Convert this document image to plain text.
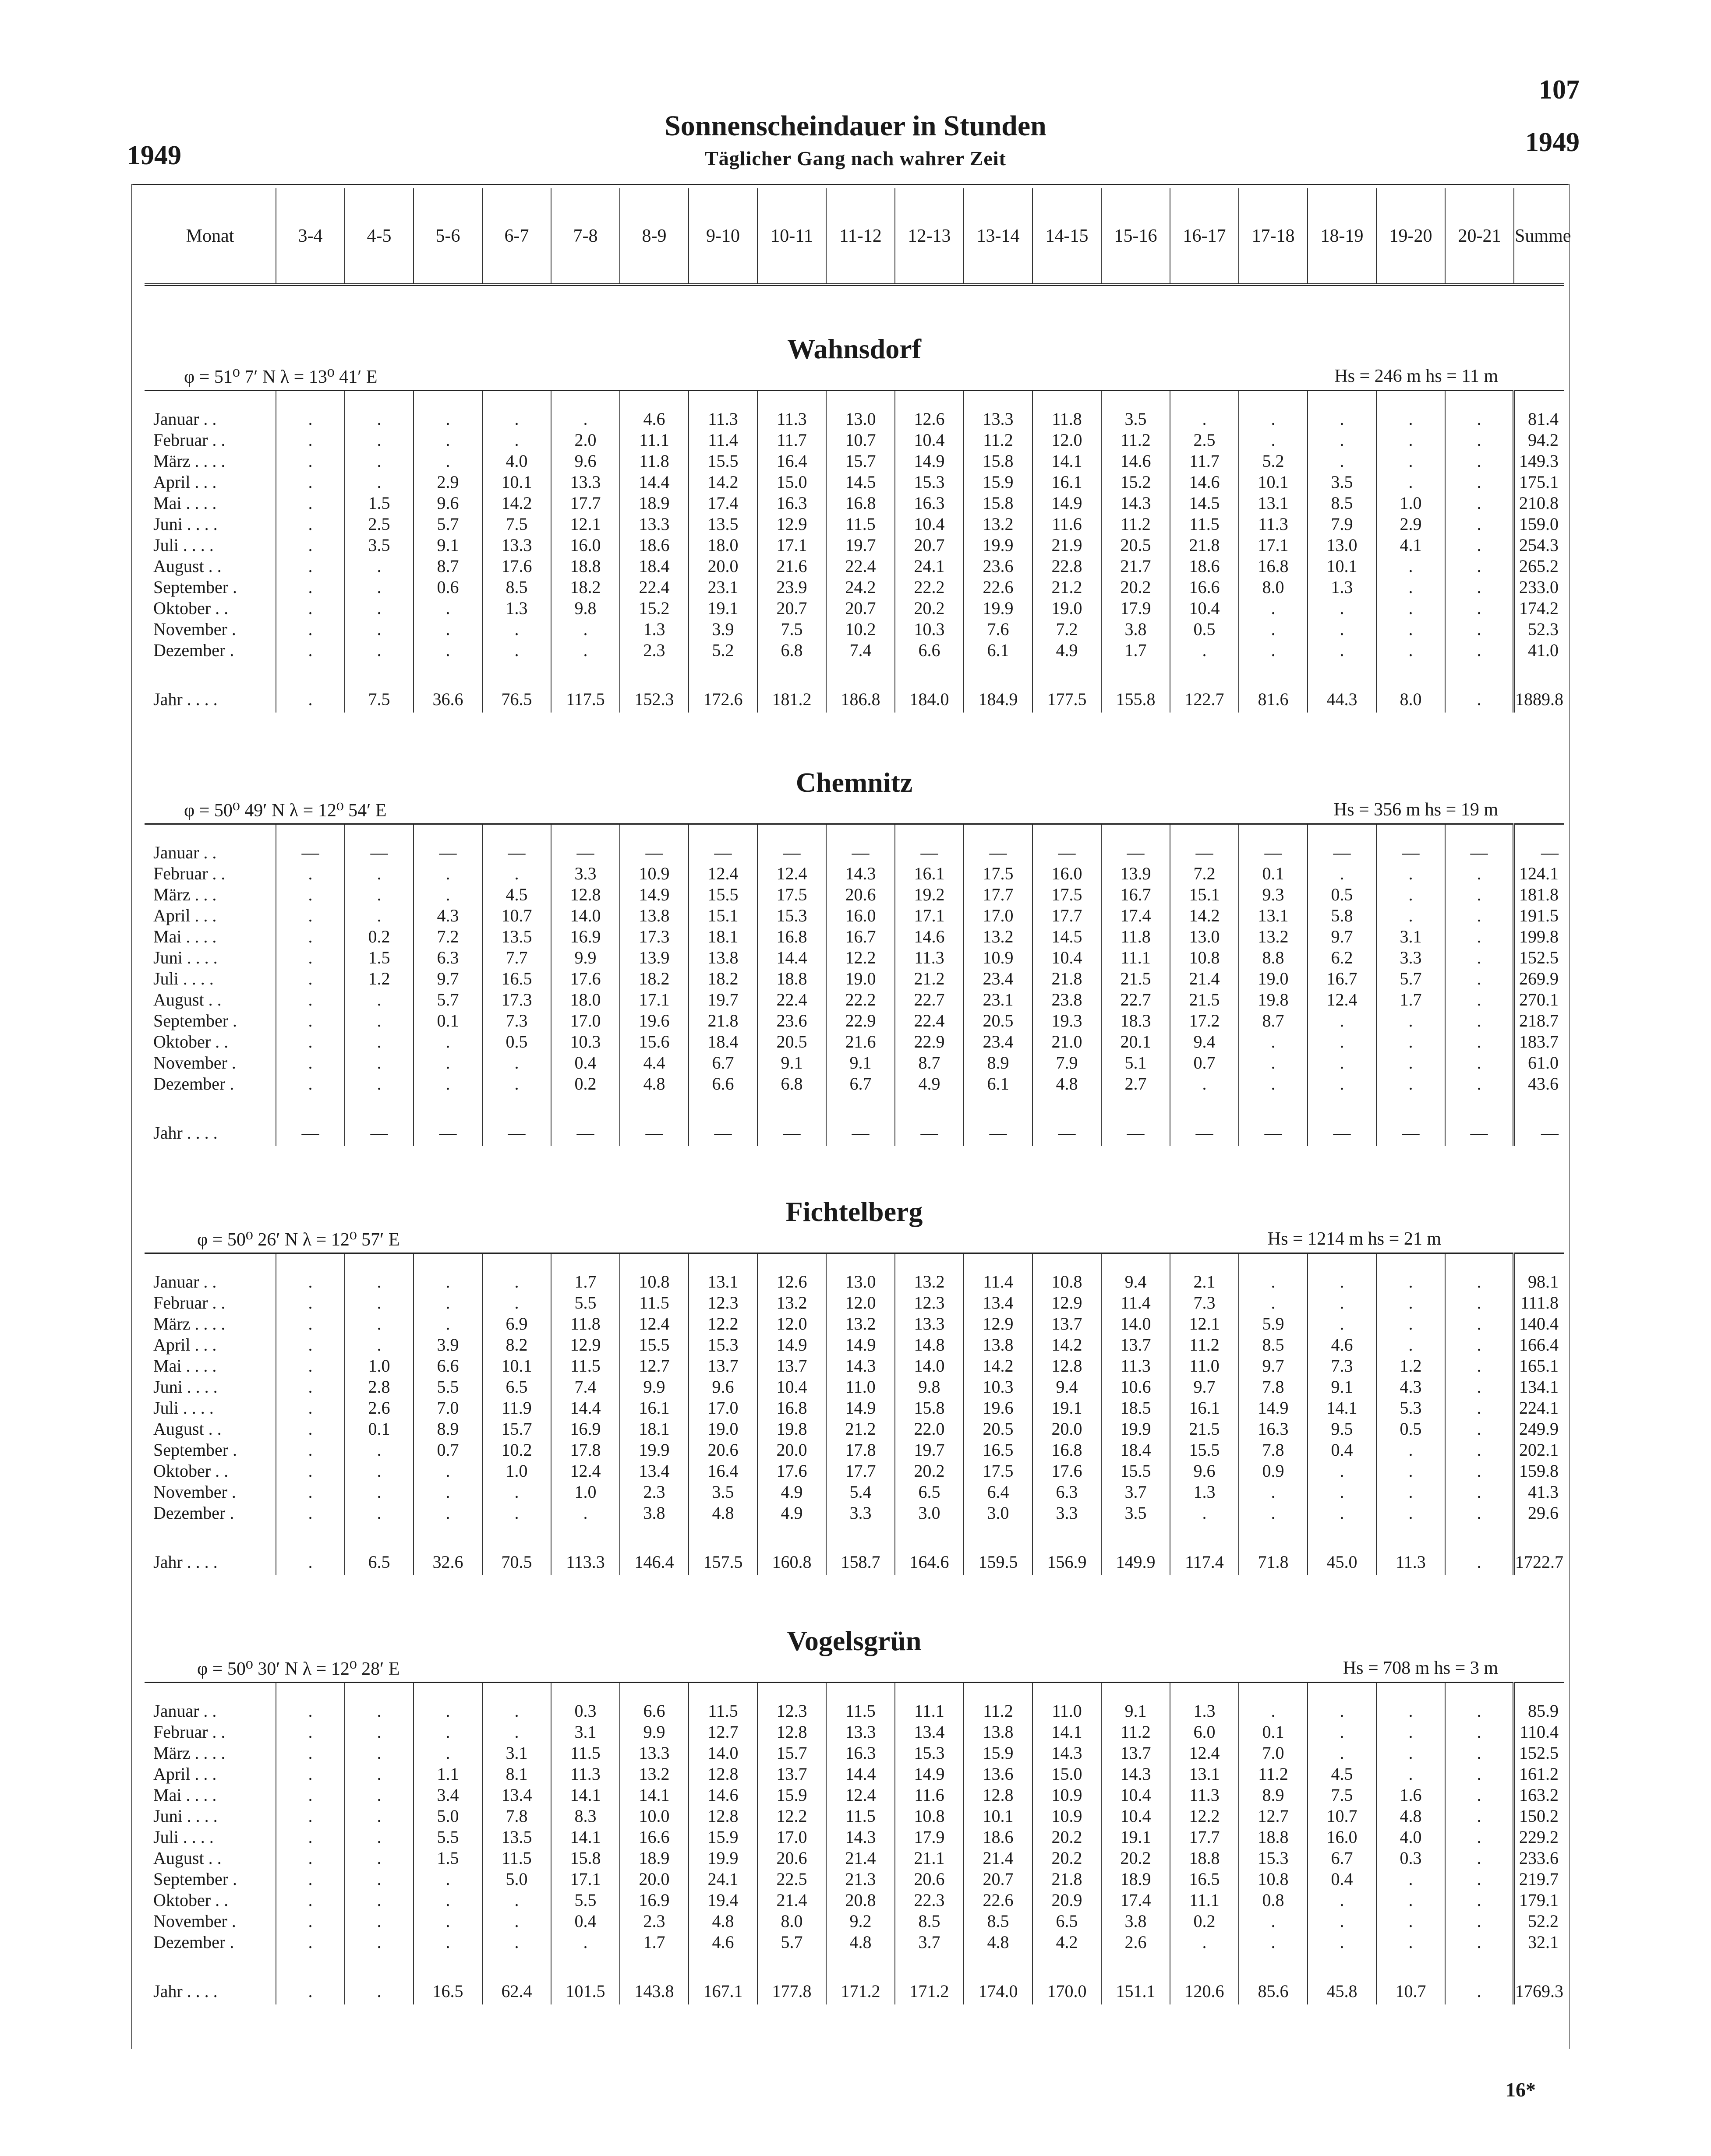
107
1949	1949
Sonnenscheindauer in Stunden
Täglicher Gang nach wahrer Zeit
Monat	3-4	4-5	5-6	6-7	7-8	8-9	9-10	10-11	11-12	12-13	13-14	14-15	15-16	16-17	17-18	18-19	19-20	20-21	Summe
Wahnsdorf
φ = 51⁰ 7′ N λ = 13⁰ 41′ E	Hs = 246 m hs = 11 m
Januar . .	.	.	.	.	.	4.6	11.3	11.3	13.0	12.6	13.3	11.8	3.5	.	.	.	.	.	81.4
Februar . .	.	.	.	.	2.0	11.1	11.4	11.7	10.7	10.4	11.2	12.0	11.2	2.5	.	.	.	.	94.2
März . . . .	.	.	.	4.0	9.6	11.8	15.5	16.4	15.7	14.9	15.8	14.1	14.6	11.7	5.2	.	.	.	149.3
April . . .	.	.	2.9	10.1	13.3	14.4	14.2	15.0	14.5	15.3	15.9	16.1	15.2	14.6	10.1	3.5	.	.	175.1
Mai . . . .	.	1.5	9.6	14.2	17.7	18.9	17.4	16.3	16.8	16.3	15.8	14.9	14.3	14.5	13.1	8.5	1.0	.	210.8
Juni . . . .	.	2.5	5.7	7.5	12.1	13.3	13.5	12.9	11.5	10.4	13.2	11.6	11.2	11.5	11.3	7.9	2.9	.	159.0
Juli . . . .	.	3.5	9.1	13.3	16.0	18.6	18.0	17.1	19.7	20.7	19.9	21.9	20.5	21.8	17.1	13.0	4.1	.	254.3
August . .	.	.	8.7	17.6	18.8	18.4	20.0	21.6	22.4	24.1	23.6	22.8	21.7	18.6	16.8	10.1	.	.	265.2
September .	.	.	0.6	8.5	18.2	22.4	23.1	23.9	24.2	22.2	22.6	21.2	20.2	16.6	8.0	1.3	.	.	233.0
Oktober . .	.	.	.	1.3	9.8	15.2	19.1	20.7	20.7	20.2	19.9	19.0	17.9	10.4	.	.	.	.	174.2
November .	.	.	.	.	.	1.3	3.9	7.5	10.2	10.3	7.6	7.2	3.8	0.5	.	.	.	.	52.3
Dezember .	.	.	.	.	.	2.3	5.2	6.8	7.4	6.6	6.1	4.9	1.7	.	.	.	.	.	41.0

Jahr . . . .	.	7.5	36.6	76.5	117.5	152.3	172.6	181.2	186.8	184.0	184.9	177.5	155.8	122.7	81.6	44.3	8.0	.	1889.8
Chemnitz
φ = 50⁰ 49′ N λ = 12⁰ 54′ E	Hs = 356 m hs = 19 m
Januar . .	—	—	—	—	—	—	—	—	—	—	—	—	—	—	—	—	—	—	—
Februar . .	.	.	.	.	3.3	10.9	12.4	12.4	14.3	16.1	17.5	16.0	13.9	7.2	0.1	.	.	.	124.1
März . . .	.	.	.	4.5	12.8	14.9	15.5	17.5	20.6	19.2	17.7	17.5	16.7	15.1	9.3	0.5	.	.	181.8
April . . .	.	.	4.3	10.7	14.0	13.8	15.1	15.3	16.0	17.1	17.0	17.7	17.4	14.2	13.1	5.8	.	.	191.5
Mai . . . .	.	0.2	7.2	13.5	16.9	17.3	18.1	16.8	16.7	14.6	13.2	14.5	11.8	13.0	13.2	9.7	3.1	.	199.8
Juni . . . .	.	1.5	6.3	7.7	9.9	13.9	13.8	14.4	12.2	11.3	10.9	10.4	11.1	10.8	8.8	6.2	3.3	.	152.5
Juli . . . .	.	1.2	9.7	16.5	17.6	18.2	18.2	18.8	19.0	21.2	23.4	21.8	21.5	21.4	19.0	16.7	5.7	.	269.9
August . .	.	.	5.7	17.3	18.0	17.1	19.7	22.4	22.2	22.7	23.1	23.8	22.7	21.5	19.8	12.4	1.7	.	270.1
September .	.	.	0.1	7.3	17.0	19.6	21.8	23.6	22.9	22.4	20.5	19.3	18.3	17.2	8.7	.	.	.	218.7
Oktober . .	.	.	.	0.5	10.3	15.6	18.4	20.5	21.6	22.9	23.4	21.0	20.1	9.4	.	.	.	.	183.7
November .	.	.	.	.	0.4	4.4	6.7	9.1	9.1	8.7	8.9	7.9	5.1	0.7	.	.	.	.	61.0
Dezember .	.	.	.	.	0.2	4.8	6.6	6.8	6.7	4.9	6.1	4.8	2.7	.	.	.	.	.	43.6

Jahr . . . .	—	—	—	—	—	—	—	—	—	—	—	—	—	—	—	—	—	—	—
Fichtelberg
φ = 50⁰ 26′ N λ = 12⁰ 57′ E	Hs = 1214 m hs = 21 m
Januar . .	.	.	.	.	1.7	10.8	13.1	12.6	13.0	13.2	11.4	10.8	9.4	2.1	.	.	.	.	98.1
Februar . .	.	.	.	.	5.5	11.5	12.3	13.2	12.0	12.3	13.4	12.9	11.4	7.3	.	.	.	.	111.8
März . . . .	.	.	.	6.9	11.8	12.4	12.2	12.0	13.2	13.3	12.9	13.7	14.0	12.1	5.9	.	.	.	140.4
April . . .	.	.	3.9	8.2	12.9	15.5	15.3	14.9	14.9	14.8	13.8	14.2	13.7	11.2	8.5	4.6	.	.	166.4
Mai . . . .	.	1.0	6.6	10.1	11.5	12.7	13.7	13.7	14.3	14.0	14.2	12.8	11.3	11.0	9.7	7.3	1.2	.	165.1
Juni . . . .	.	2.8	5.5	6.5	7.4	9.9	9.6	10.4	11.0	9.8	10.3	9.4	10.6	9.7	7.8	9.1	4.3	.	134.1
Juli . . . .	.	2.6	7.0	11.9	14.4	16.1	17.0	16.8	14.9	15.8	19.6	19.1	18.5	16.1	14.9	14.1	5.3	.	224.1
August . .	.	0.1	8.9	15.7	16.9	18.1	19.0	19.8	21.2	22.0	20.5	20.0	19.9	21.5	16.3	9.5	0.5	.	249.9
September .	.	.	0.7	10.2	17.8	19.9	20.6	20.0	17.8	19.7	16.5	16.8	18.4	15.5	7.8	0.4	.	.	202.1
Oktober . .	.	.	.	1.0	12.4	13.4	16.4	17.6	17.7	20.2	17.5	17.6	15.5	9.6	0.9	.	.	.	159.8
November .	.	.	.	.	1.0	2.3	3.5	4.9	5.4	6.5	6.4	6.3	3.7	1.3	.	.	.	.	41.3
Dezember .	.	.	.	.	.	3.8	4.8	4.9	3.3	3.0	3.0	3.3	3.5	.	.	.	.	.	29.6

Jahr . . . .	.	6.5	32.6	70.5	113.3	146.4	157.5	160.8	158.7	164.6	159.5	156.9	149.9	117.4	71.8	45.0	11.3	.	1722.7
Vogelsgrün
φ = 50⁰ 30′ N λ = 12⁰ 28′ E	Hs = 708 m hs = 3 m
Januar . .	.	.	.	.	0.3	6.6	11.5	12.3	11.5	11.1	11.2	11.0	9.1	1.3	.	.	.	.	85.9
Februar . .	.	.	.	.	3.1	9.9	12.7	12.8	13.3	13.4	13.8	14.1	11.2	6.0	0.1	.	.	.	110.4
März . . . .	.	.	.	3.1	11.5	13.3	14.0	15.7	16.3	15.3	15.9	14.3	13.7	12.4	7.0	.	.	.	152.5
April . . .	.	.	1.1	8.1	11.3	13.2	12.8	13.7	14.4	14.9	13.6	15.0	14.3	13.1	11.2	4.5	.	.	161.2
Mai . . . .	.	.	3.4	13.4	14.1	14.1	14.6	15.9	12.4	11.6	12.8	10.9	10.4	11.3	8.9	7.5	1.6	.	163.2
Juni . . . .	.	.	5.0	7.8	8.3	10.0	12.8	12.2	11.5	10.8	10.1	10.9	10.4	12.2	12.7	10.7	4.8	.	150.2
Juli . . . .	.	.	5.5	13.5	14.1	16.6	15.9	17.0	14.3	17.9	18.6	20.2	19.1	17.7	18.8	16.0	4.0	.	229.2
August . .	.	.	1.5	11.5	15.8	18.9	19.9	20.6	21.4	21.1	21.4	20.2	20.2	18.8	15.3	6.7	0.3	.	233.6
September .	.	.	.	5.0	17.1	20.0	24.1	22.5	21.3	20.6	20.7	21.8	18.9	16.5	10.8	0.4	.	.	219.7
Oktober . .	.	.	.	.	5.5	16.9	19.4	21.4	20.8	22.3	22.6	20.9	17.4	11.1	0.8	.	.	.	179.1
November .	.	.	.	.	0.4	2.3	4.8	8.0	9.2	8.5	8.5	6.5	3.8	0.2	.	.	.	.	52.2
Dezember .	.	.	.	.	.	1.7	4.6	5.7	4.8	3.7	4.8	4.2	2.6	.	.	.	.	.	32.1

Jahr . . . .	.	.	16.5	62.4	101.5	143.8	167.1	177.8	171.2	171.2	174.0	170.0	151.1	120.6	85.6	45.8	10.7	.	1769.3
16*
